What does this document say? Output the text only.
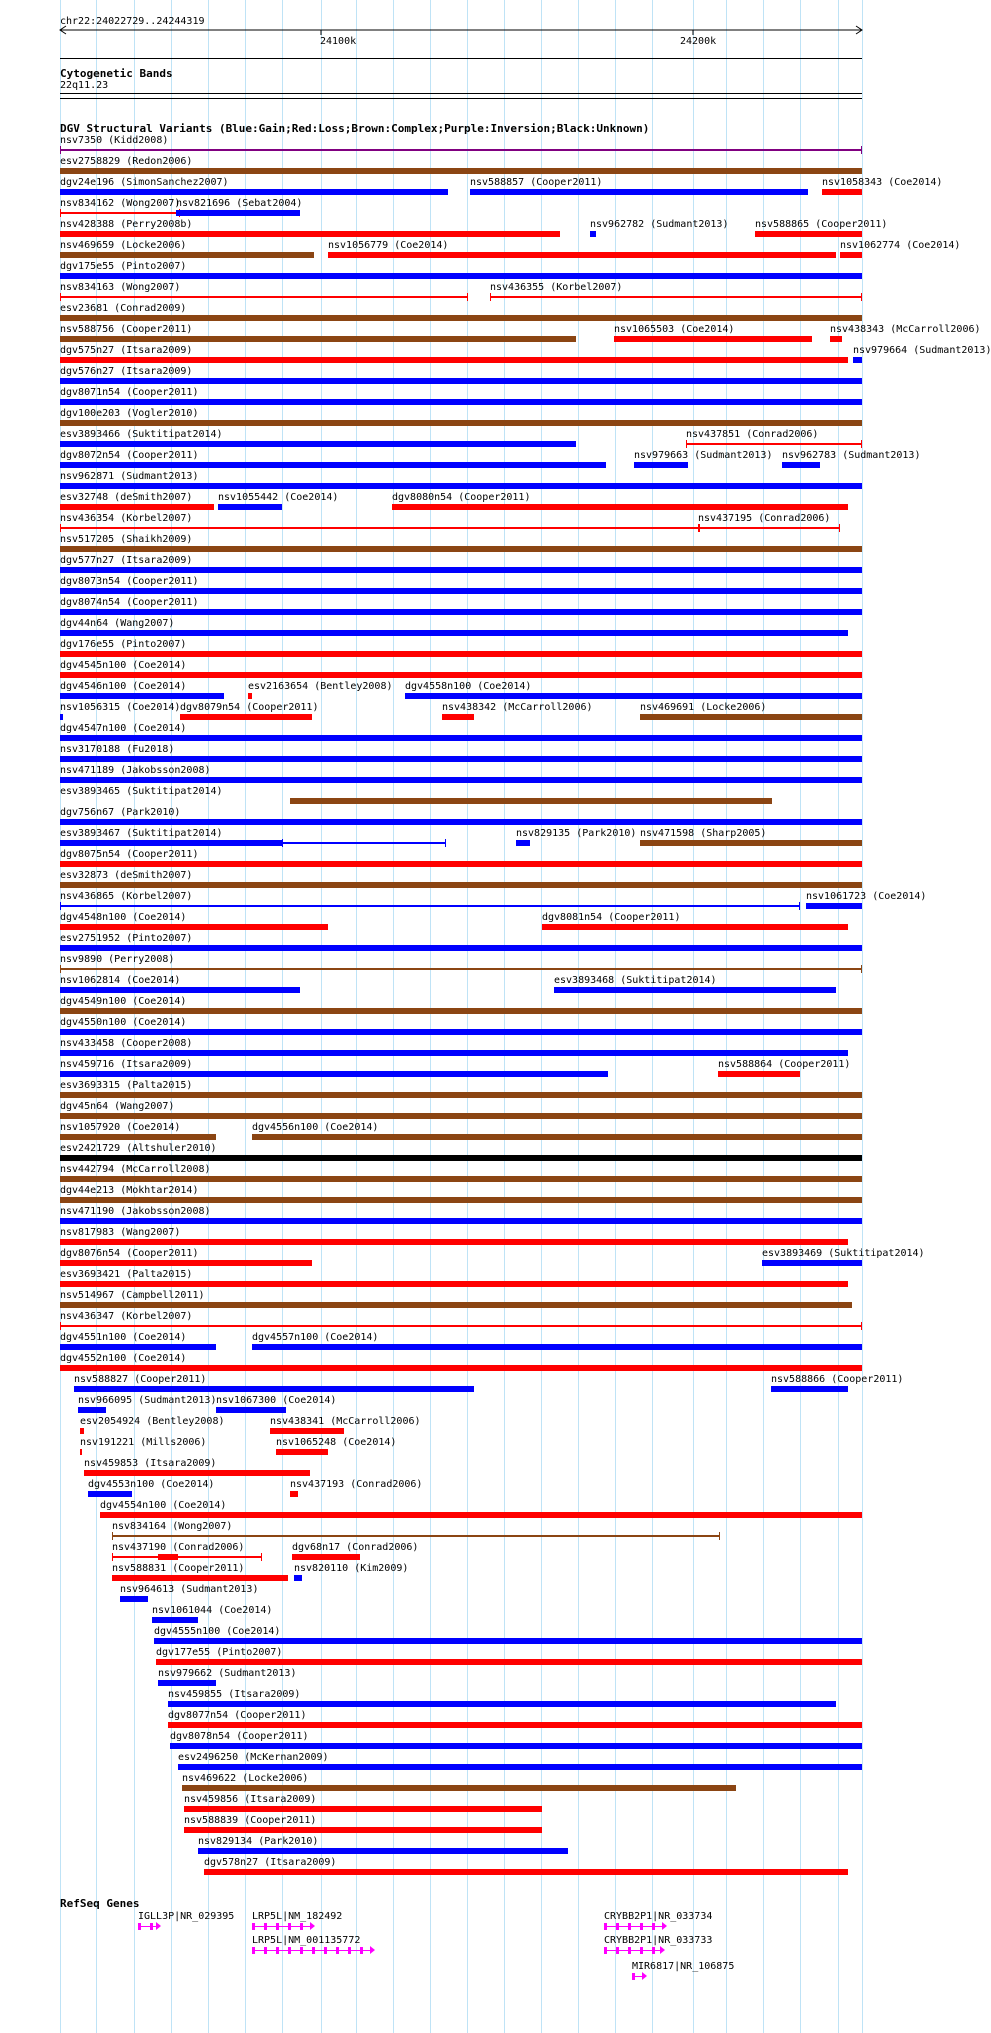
chr22:24022729..24244319
24100k	24200k
Cytogenetic Bands
22q11.23
DGV Structural Variants (Blue:Gain;Red:Loss;Brown:Complex;Purple:Inversion;Black:Unknown)
nsv7350 (Kidd2008)
esv2758829 (Redon2006)
dgv24e196 (SimonSanchez2007)	nsv588857 (Cooper2011)	nsv1058343 (Coe2014)
nsv834162 (Wong2007)
nsv821696 (Sebat2004)
nsv428388 (Perry2008b)	nsv962782 (Sudmant2013)	nsv588865 (Cooper2011)
nsv469659 (Locke2006)	nsv1056779 (Coe2014)	nsv1062774 (Coe2014)
dgv175e55 (Pinto2007)
nsv834163 (Wong2007)	nsv436355 (Korbel2007)
esv23681 (Conrad2009)
nsv588756 (Cooper2011)	nsv1065503 (Coe2014)	nsv438343 (McCarroll2006)
dgv575n27 (Itsara2009)	nsv979664 (Sudmant2013)
dgv576n27 (Itsara2009)
dgv8071n54 (Cooper2011)
dgv100e203 (Vogler2010)
esv3893466 (Suktitipat2014)	nsv437851 (Conrad2006)
dgv8072n54 (Cooper2011)	nsv979663 (Sudmant2013) nsv962783 (Sudmant2013)
nsv962871 (Sudmant2013)
esv32748 (deSmith2007)	nsv1055442 (Coe2014)	dgv8080n54 (Cooper2011)
nsv436354 (Korbel2007)	nsv437195 (Conrad2006)
nsv517205 (Shaikh2009)
dgv577n27 (Itsara2009)
dgv8073n54 (Cooper2011)
dgv8074n54 (Cooper2011)
dgv44n64 (Wang2007)
dgv176e55 (Pinto2007)
dgv4545n100 (Coe2014)
dgv4546n100 (Coe2014)	esv2163654 (Bentley2008) dgv4558n100 (Coe2014)
nsv1056315 (Coe2014) dgv8079n54 (Cooper2011)	nsv438342 (McCarroll2006)	nsv469691 (Locke2006)
dgv4547n100 (Coe2014)
nsv3170188 (Fu2018)
nsv471189 (Jakobsson2008)
esv3893465 (Suktitipat2014)
dgv756n67 (Park2010)
esv3893467 (Suktitipat2014)	nsv829135 (Park2010) nsv471598 (Sharp2005)
dgv8075n54 (Cooper2011)
esv32873 (deSmith2007)
nsv436865 (Korbel2007)	nsv1061723 (Coe2014)
dgv4548n100 (Coe2014)	dgv8081n54 (Cooper2011)
esv2751952 (Pinto2007)
nsv9890 (Perry2008)
nsv1062814 (Coe2014)	esv3893468 (Suktitipat2014)
dgv4549n100 (Coe2014)
dgv4550n100 (Coe2014)
nsv433458 (Cooper2008)
nsv459716 (Itsara2009)	nsv588864 (Cooper2011)
esv3693315 (Palta2015)
dgv45n64 (Wang2007)
nsv1057920 (Coe2014)	dgv4556n100 (Coe2014)
esv2421729 (Altshuler2010)
nsv442794 (McCarroll2008)
dgv44e213 (Mokhtar2014)
nsv471190 (Jakobsson2008)
nsv817983 (Wang2007)
dgv8076n54 (Cooper2011)	esv3893469 (Suktitipat2014)
esv3693421 (Palta2015)
nsv514967 (Campbell2011)
nsv436347 (Korbel2007)
dgv4551n100 (Coe2014)	dgv4557n100 (Coe2014)
dgv4552n100 (Coe2014)
nsv588827 (Cooper2011)	nsv588866 (Cooper2011)
nsv966095 (Sudmant2013) nsv1067300 (Coe2014)
esv2054924 (Bentley2008)	nsv438341 (McCarroll2006)
nsv191221 (Mills2006)	nsv1065248 (Coe2014)
nsv459853 (Itsara2009)
dgv4553n100 (Coe2014)	nsv437193 (Conrad2006)
dgv4554n100 (Coe2014)
nsv834164 (Wong2007)
nsv437190 (Conrad2006)	dgv68n17 (Conrad2006)
nsv588831 (Cooper2011)	nsv820110 (Kim2009)
nsv964613 (Sudmant2013)
nsv1061044 (Coe2014)
dgv4555n100 (Coe2014)
dgv177e55 (Pinto2007)
nsv979662 (Sudmant2013)
nsv459855 (Itsara2009)
dgv8077n54 (Cooper2011)
dgv8078n54 (Cooper2011)
esv2496250 (McKernan2009)
nsv469622 (Locke2006)
nsv459856 (Itsara2009)
nsv588839 (Cooper2011)
nsv829134 (Park2010)
dgv578n27 (Itsara2009)
RefSeq Genes
IGLL3P|NR_029395 LRP5L|NM_182492
LRP5L|NM_001135772
CRYBB2P1|NR_033734
CRYBB2P1|NR_033733
MIR6817|NR_106875
